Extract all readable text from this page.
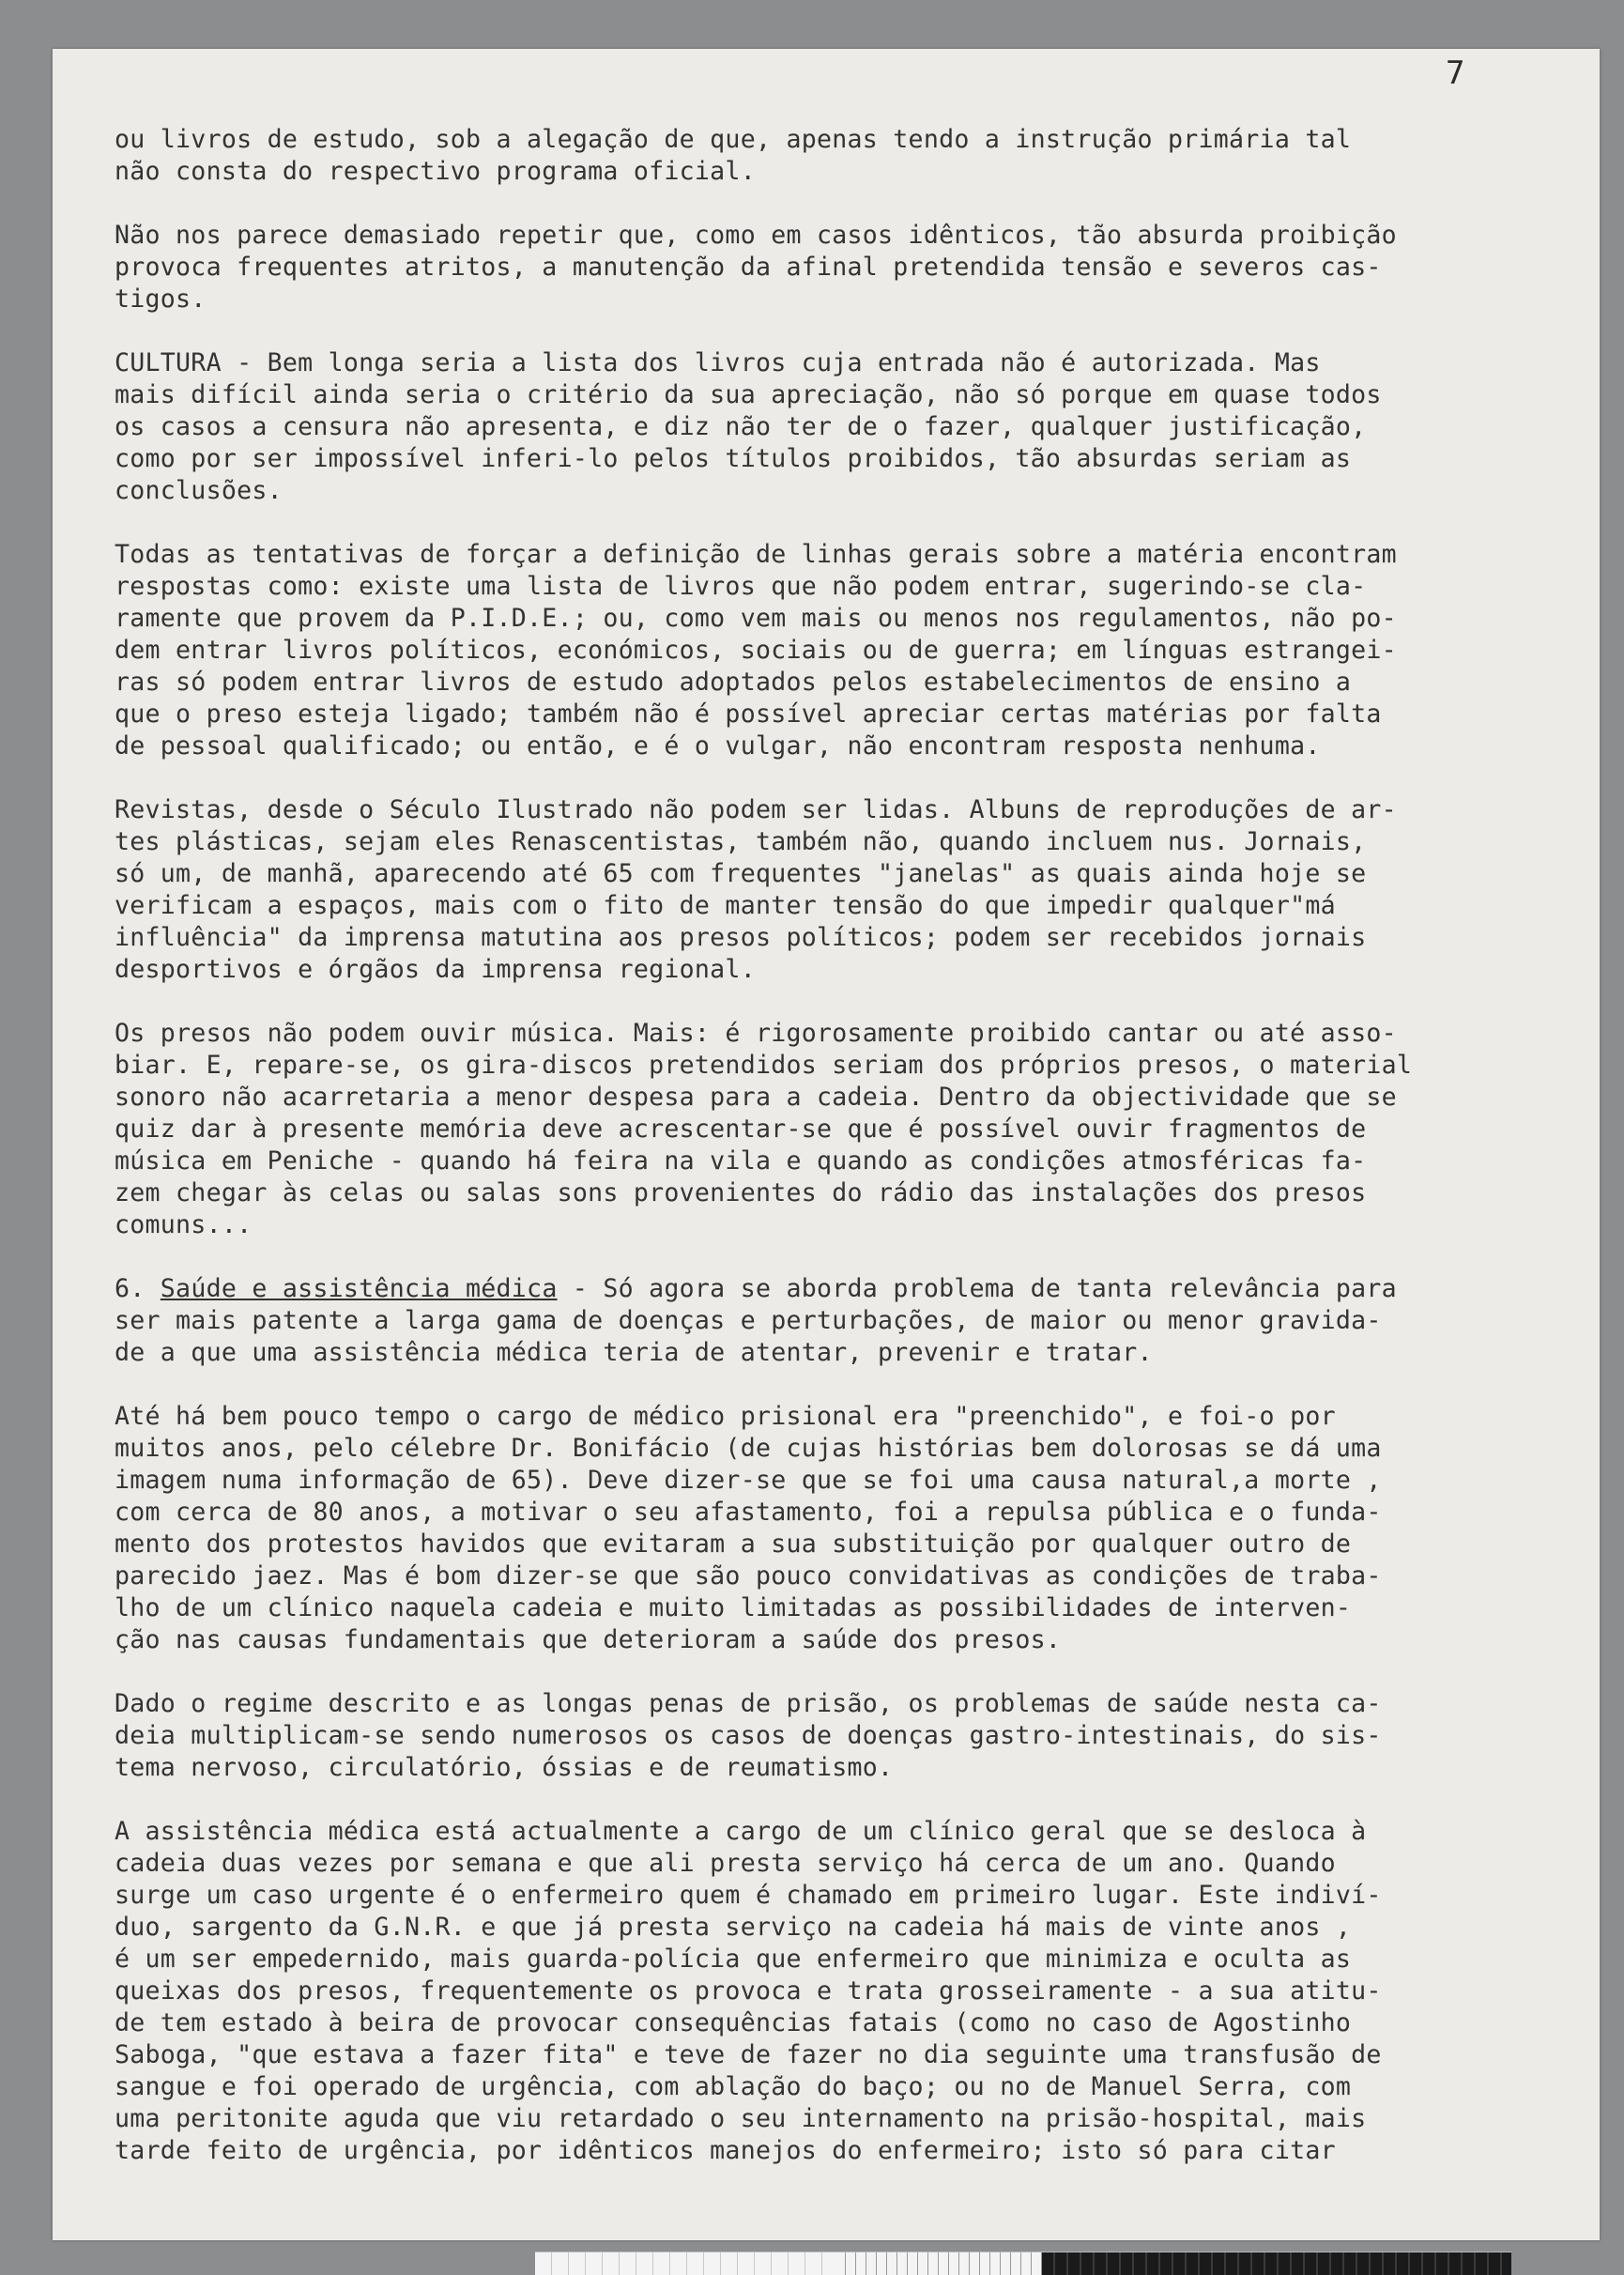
7

ou livros de estudo, sob a alegação de que, apenas tendo a instrução primária tal
não consta do respectivo programa oficial.

Não nos parece demasiado repetir que, como em casos idênticos, tão absurda proibição
provoca frequentes atritos, a manutenção da afinal pretendida tensão e severos cas-
tigos.

CULTURA - Bem longa seria a lista dos livros cuja entrada não é autorizada. Mas
mais difícil ainda seria o critério da sua apreciação, não só porque em quase todos
os casos a censura não apresenta, e diz não ter de o fazer, qualquer justificação,
como por ser impossível inferi-lo pelos títulos proibidos, tão absurdas seriam as
conclusões.

Todas as tentativas de forçar a definição de linhas gerais sobre a matéria encontram
respostas como: existe uma lista de livros que não podem entrar, sugerindo-se cla-
ramente que provem da P.I.D.E.; ou, como vem mais ou menos nos regulamentos, não po-
dem entrar livros políticos, económicos, sociais ou de guerra; em línguas estrangei-
ras só podem entrar livros de estudo adoptados pelos estabelecimentos de ensino a
que o preso esteja ligado; também não é possível apreciar certas matérias por falta
de pessoal qualificado; ou então, e é o vulgar, não encontram resposta nenhuma.

Revistas, desde o Século Ilustrado não podem ser lidas. Albuns de reproduções de ar-
tes plásticas, sejam eles Renascentistas, também não, quando incluem nus. Jornais,
só um, de manhã, aparecendo até 65 com frequentes "janelas" as quais ainda hoje se
verificam a espaços, mais com o fito de manter tensão do que impedir qualquer"má
influência" da imprensa matutina aos presos políticos; podem ser recebidos jornais
desportivos e órgãos da imprensa regional.

Os presos não podem ouvir música. Mais: é rigorosamente proibido cantar ou até asso-
biar. E, repare-se, os gira-discos pretendidos seriam dos próprios presos, o material
sonoro não acarretaria a menor despesa para a cadeia. Dentro da objectividade que se
quiz dar à presente memória deve acrescentar-se que é possível ouvir fragmentos de
música em Peniche - quando há feira na vila e quando as condições atmosféricas fa-
zem chegar às celas ou salas sons provenientes do rádio das instalações dos presos
comuns...

6. Saúde e assistência médica - Só agora se aborda problema de tanta relevância para
ser mais patente a larga gama de doenças e perturbações, de maior ou menor gravida-
de a que uma assistência médica teria de atentar, prevenir e tratar.

Até há bem pouco tempo o cargo de médico prisional era "preenchido", e foi-o por
muitos anos, pelo célebre Dr. Bonifácio (de cujas histórias bem dolorosas se dá uma
imagem numa informação de 65). Deve dizer-se que se foi uma causa natural,a morte ,
com cerca de 80 anos, a motivar o seu afastamento, foi a repulsa pública e o funda-
mento dos protestos havidos que evitaram a sua substituição por qualquer outro de
parecido jaez. Mas é bom dizer-se que são pouco convidativas as condições de traba-
lho de um clínico naquela cadeia e muito limitadas as possibilidades de interven-
ção nas causas fundamentais que deterioram a saúde dos presos.

Dado o regime descrito e as longas penas de prisão, os problemas de saúde nesta ca-
deia multiplicam-se sendo numerosos os casos de doenças gastro-intestinais, do sis-
tema nervoso, circulatório, óssias e de reumatismo.

A assistência médica está actualmente a cargo de um clínico geral que se desloca à
cadeia duas vezes por semana e que ali presta serviço há cerca de um ano. Quando
surge um caso urgente é o enfermeiro quem é chamado em primeiro lugar. Este indiví-
duo, sargento da G.N.R. e que já presta serviço na cadeia há mais de vinte anos ,
é um ser empedernido, mais guarda-polícia que enfermeiro que minimiza e oculta as
queixas dos presos, frequentemente os provoca e trata grosseiramente - a sua atitu-
de tem estado à beira de provocar consequências fatais (como no caso de Agostinho
Saboga, "que estava a fazer fita" e teve de fazer no dia seguinte uma transfusão de
sangue e foi operado de urgência, com ablação do baço; ou no de Manuel Serra, com
uma peritonite aguda que viu retardado o seu internamento na prisão-hospital, mais
tarde feito de urgência, por idênticos manejos do enfermeiro; isto só para citar
